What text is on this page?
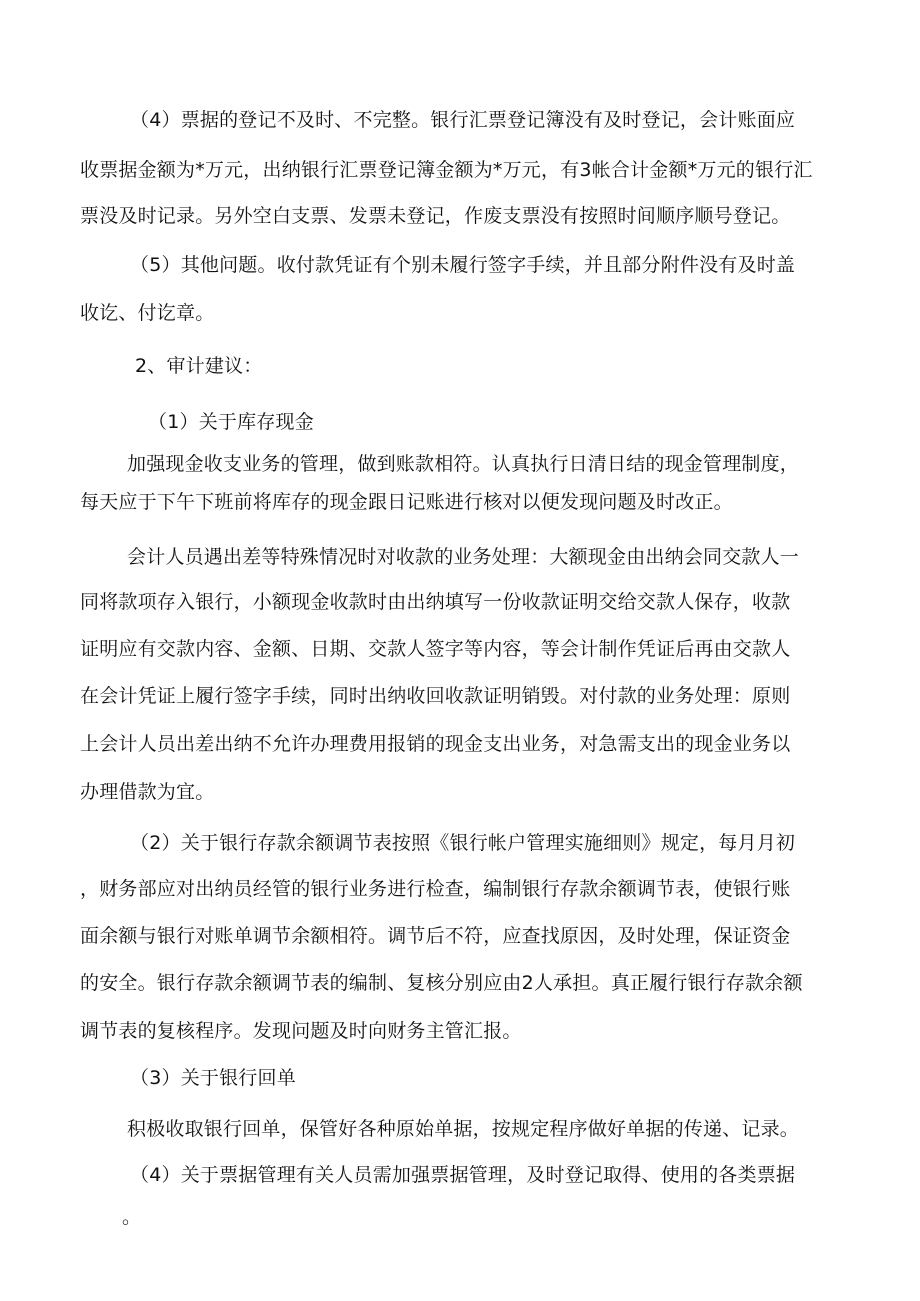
（4）票据的登记不及时、不完整。银行汇票登记簿没有及时登记，会计账面应
收票据金额为*万元，出纳银行汇票登记簿金额为*万元，有3帐合计金额*万元的银行汇
票没及时记录。另外空白支票、发票未登记，作废支票没有按照时间顺序顺号登记。
（5）其他问题。收付款凭证有个别未履行签字手续，并且部分附件没有及时盖
收讫、付讫章。
2、审计建议：
（1）关于库存现金
加强现金收支业务的管理，做到账款相符。认真执行日清日结的现金管理制度，
每天应于下午下班前将库存的现金跟日记账进行核对以便发现问题及时改正。
会计人员遇出差等特殊情况时对收款的业务处理：大额现金由出纳会同交款人一
同将款项存入银行，小额现金收款时由出纳填写一份收款证明交给交款人保存，收款
证明应有交款内容、金额、日期、交款人签字等内容，等会计制作凭证后再由交款人
在会计凭证上履行签字手续，同时出纳收回收款证明销毁。对付款的业务处理：原则
上会计人员出差出纳不允许办理费用报销的现金支出业务，对急需支出的现金业务以
办理借款为宜。
（2）关于银行存款余额调节表按照《银行帐户管理实施细则》规定，每月月初
，财务部应对出纳员经管的银行业务进行检查，编制银行存款余额调节表，使银行账
面余额与银行对账单调节余额相符。调节后不符，应查找原因，及时处理，保证资金
的安全。银行存款余额调节表的编制、复核分别应由2人承担。真正履行银行存款余额
调节表的复核程序。发现问题及时向财务主管汇报。
（3）关于银行回单
积极收取银行回单，保管好各种原始单据，按规定程序做好单据的传递、记录。
（4）关于票据管理有关人员需加强票据管理，及时登记取得、使用的各类票据
。
